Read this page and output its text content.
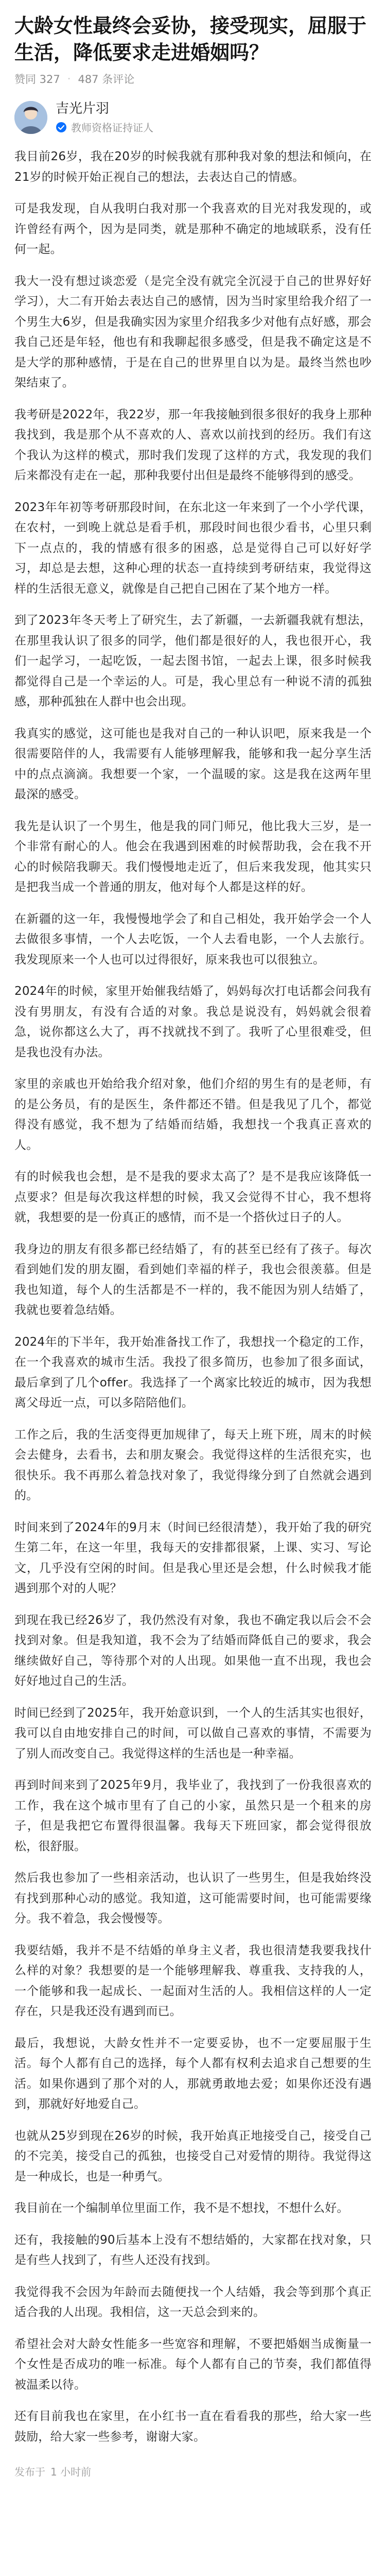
大龄女性最终会妥协，接受现实，屈服于生活，降低要求走进婚姻吗？
赞同 327 · 487 条评论
吉光片羽
教师资格证持证人

我目前26岁，我在20岁的时候我就有那种我对象的想法和倾向，在21岁的时候开始正视自己的想法，去表达自己的情感。

可是我发现，自从我明白我对那一个我喜欢的目光对我发现的，或许曾经有两个，因为是同类，就是那种不确定的地域联系，没有任何一起。

我大一没有想过谈恋爱（是完全没有就完全沉浸于自己的世界好好学习），大二有开始去表达自己的感情，因为当时家里给我介绍了一个男生大6岁，但是我确实因为家里介绍我多少对他有点好感，那会我自己还是年轻，他也有和我聊起很多感受，但是我不确定这是不是大学的那种感情，于是在自己的世界里自以为是。最终当然也吵架结束了。

我考研是2022年，我22岁，那一年我接触到很多很好的我身上那种我找到，我是那个从不喜欢的人、喜欢以前找到的经历。我们有这个我认为这样的模式，那时我们发现了这样的方式，我发现的我们后来都没有走在一起，那种我要付出但是最终不能够得到的感受。

2023年年初等考研那段时间，在东北这一年来到了一个小学代课，在农村，一到晚上就总是看手机，那段时间也很少看书，心里只剩下一点点的，我的情感有很多的困惑，总是觉得自己可以好好学习，却总是去想，这种心理的状态一直持续到考研结束，我觉得这样的生活很无意义，就像是自己把自己困在了某个地方一样。

到了2023年冬天考上了研究生，去了新疆，一去新疆我就有想法，在那里我认识了很多的同学，他们都是很好的人，我也很开心，我们一起学习，一起吃饭，一起去图书馆，一起去上课，很多时候我都觉得自己是一个幸运的人。可是，我心里总有一种说不清的孤独感，那种孤独在人群中也会出现。

我真实的感觉，这可能也是我对自己的一种认识吧，原来我是一个很需要陪伴的人，我需要有人能够理解我，能够和我一起分享生活中的点点滴滴。我想要一个家，一个温暖的家。这是我在这两年里最深的感受。

我先是认识了一个男生，他是我的同门师兄，他比我大三岁，是一个非常有耐心的人。他会在我遇到困难的时候帮助我，会在我不开心的时候陪我聊天。我们慢慢地走近了，但后来我发现，他其实只是把我当成一个普通的朋友，他对每个人都是这样的好。

在新疆的这一年，我慢慢地学会了和自己相处，我开始学会一个人去做很多事情，一个人去吃饭，一个人去看电影，一个人去旅行。我发现原来一个人也可以过得很好，原来我也可以很独立。

2024年的时候，家里开始催我结婚了，妈妈每次打电话都会问我有没有男朋友，有没有合适的对象。我总是说没有，妈妈就会很着急，说你都这么大了，再不找就找不到了。我听了心里很难受，但是我也没有办法。

家里的亲戚也开始给我介绍对象，他们介绍的男生有的是老师，有的是公务员，有的是医生，条件都还不错。但是我见了几个，都觉得没有感觉，我不想为了结婚而结婚，我想找一个我真正喜欢的人。

有的时候我也会想，是不是我的要求太高了？是不是我应该降低一点要求？但是每次我这样想的时候，我又会觉得不甘心，我不想将就，我想要的是一份真正的感情，而不是一个搭伙过日子的人。

我身边的朋友有很多都已经结婚了，有的甚至已经有了孩子。每次看到她们发的朋友圈，看到她们幸福的样子，我也会很羡慕。但是我也知道，每个人的生活都是不一样的，我不能因为别人结婚了，我就也要着急结婚。

2024年的下半年，我开始准备找工作了，我想找一个稳定的工作，在一个我喜欢的城市生活。我投了很多简历，也参加了很多面试，最后拿到了几个offer。我选择了一个离家比较近的城市，因为我想离父母近一点，可以多陪陪他们。

工作之后，我的生活变得更加规律了，每天上班下班，周末的时候会去健身，去看书，去和朋友聚会。我觉得这样的生活很充实，也很快乐。我不再那么着急找对象了，我觉得缘分到了自然就会遇到的。

时间来到了2024年的9月末（时间已经很清楚），我开始了我的研究生第二年，在这一年里，我每天的安排都很紧，上课、实习、写论文，几乎没有空闲的时间。但是我心里还是会想，什么时候我才能遇到那个对的人呢？

到现在我已经26岁了，我仍然没有对象，我也不确定我以后会不会找到对象。但是我知道，我不会为了结婚而降低自己的要求，我会继续做好自己，等待那个对的人出现。如果他一直不出现，我也会好好地过自己的生活。

时间已经到了2025年，我开始意识到，一个人的生活其实也很好，我可以自由地安排自己的时间，可以做自己喜欢的事情，不需要为了别人而改变自己。我觉得这样的生活也是一种幸福。

再到时间来到了2025年9月，我毕业了，我找到了一份我很喜欢的工作，我在这个城市里有了自己的小家，虽然只是一个租来的房子，但是我把它布置得很温馨。我每天下班回家，都会觉得很放松，很舒服。

然后我也参加了一些相亲活动，也认识了一些男生，但是我始终没有找到那种心动的感觉。我知道，这可能需要时间，也可能需要缘分。我不着急，我会慢慢等。

我要结婚，我并不是不结婚的单身主义者，我也很清楚我要我找什么样的对象？我想要的是一个能够理解我、尊重我、支持我的人，一个能够和我一起成长、一起面对生活的人。我相信这样的人一定存在，只是我还没有遇到而已。

最后，我想说，大龄女性并不一定要妥协，也不一定要屈服于生活。每个人都有自己的选择，每个人都有权利去追求自己想要的生活。如果你遇到了那个对的人，那就勇敢地去爱；如果你还没有遇到，那就好好地爱自己。

也就从25岁到现在26岁的时候，我开始真正地接受自己，接受自己的不完美，接受自己的孤独，也接受自己对爱情的期待。我觉得这是一种成长，也是一种勇气。

我目前在一个编制单位里面工作，我不是不想找，不想什么好。

还有，我接触的90后基本上没有不想结婚的，大家都在找对象，只是有些人找到了，有些人还没有找到。

我觉得我不会因为年龄而去随便找一个人结婚，我会等到那个真正适合我的人出现。我相信，这一天总会到来的。

希望社会对大龄女性能多一些宽容和理解，不要把婚姻当成衡量一个女性是否成功的唯一标准。每个人都有自己的节奏，我们都值得被温柔以待。

还有目前我也在家里，在小红书一直在看看我的那些，给大家一些鼓励，给大家一些参考，谢谢大家。

发布于 1 小时前
